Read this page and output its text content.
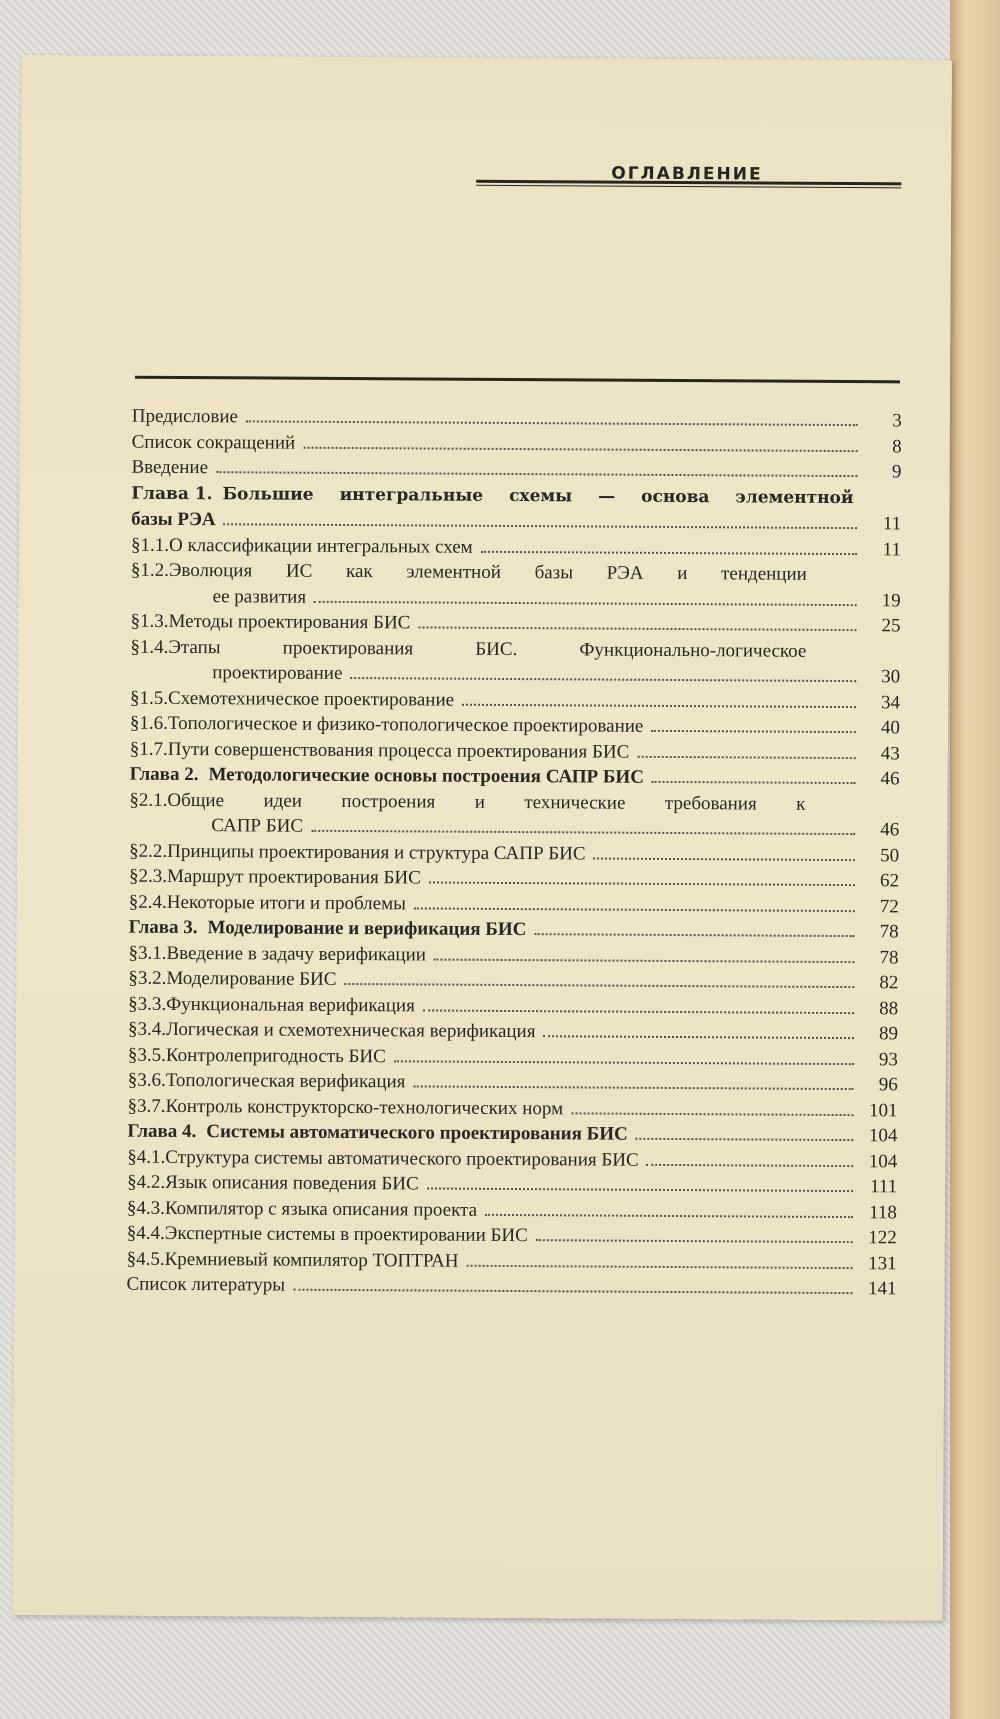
ОГЛАВЛЕНИЕ
Предисловие	3
Список сокращений	8
Введение	9
Глава 1. Большие интегральные схемы — основа элементной
базы РЭА	11
§1.1.О классификации интегральных схем	11
§1.2.Эволюция ИС как элементной базы РЭА и тенденции
ее развития	19
§1.3.Методы проектирования БИС	25
§1.4.Этапы проектирования БИС. Функционально-логическое
проектирование	30
§1.5.Схемотехническое проектирование	34
§1.6.Топологическое и физико-топологическое проектирование	40
§1.7.Пути совершенствования процесса проектирования БИС	43
Глава 2. Методологические основы построения САПР БИС	46
§2.1.Общие идеи построения и технические требования к
САПР БИС	46
§2.2.Принципы проектирования и структура САПР БИС	50
§2.3.Маршрут проектирования БИС	62
§2.4.Некоторые итоги и проблемы	72
Глава 3. Моделирование и верификация БИС	78
§3.1.Введение в задачу верификации	78
§3.2.Моделирование БИС	82
§3.3.Функциональная верификация	88
§3.4.Логическая и схемотехническая верификация	89
§3.5.Контролепригодность БИС	93
§3.6.Топологическая верификация	96
§3.7.Контроль конструкторско-технологических норм	101
Глава 4. Системы автоматического проектирования БИС	104
§4.1.Структура системы автоматического проектирования БИС	104
§4.2.Язык описания поведения БИС	111
§4.3.Компилятор с языка описания проекта	118
§4.4.Экспертные системы в проектировании БИС	122
§4.5.Кремниевый компилятор ТОПТРАН	131
Список литературы	141
